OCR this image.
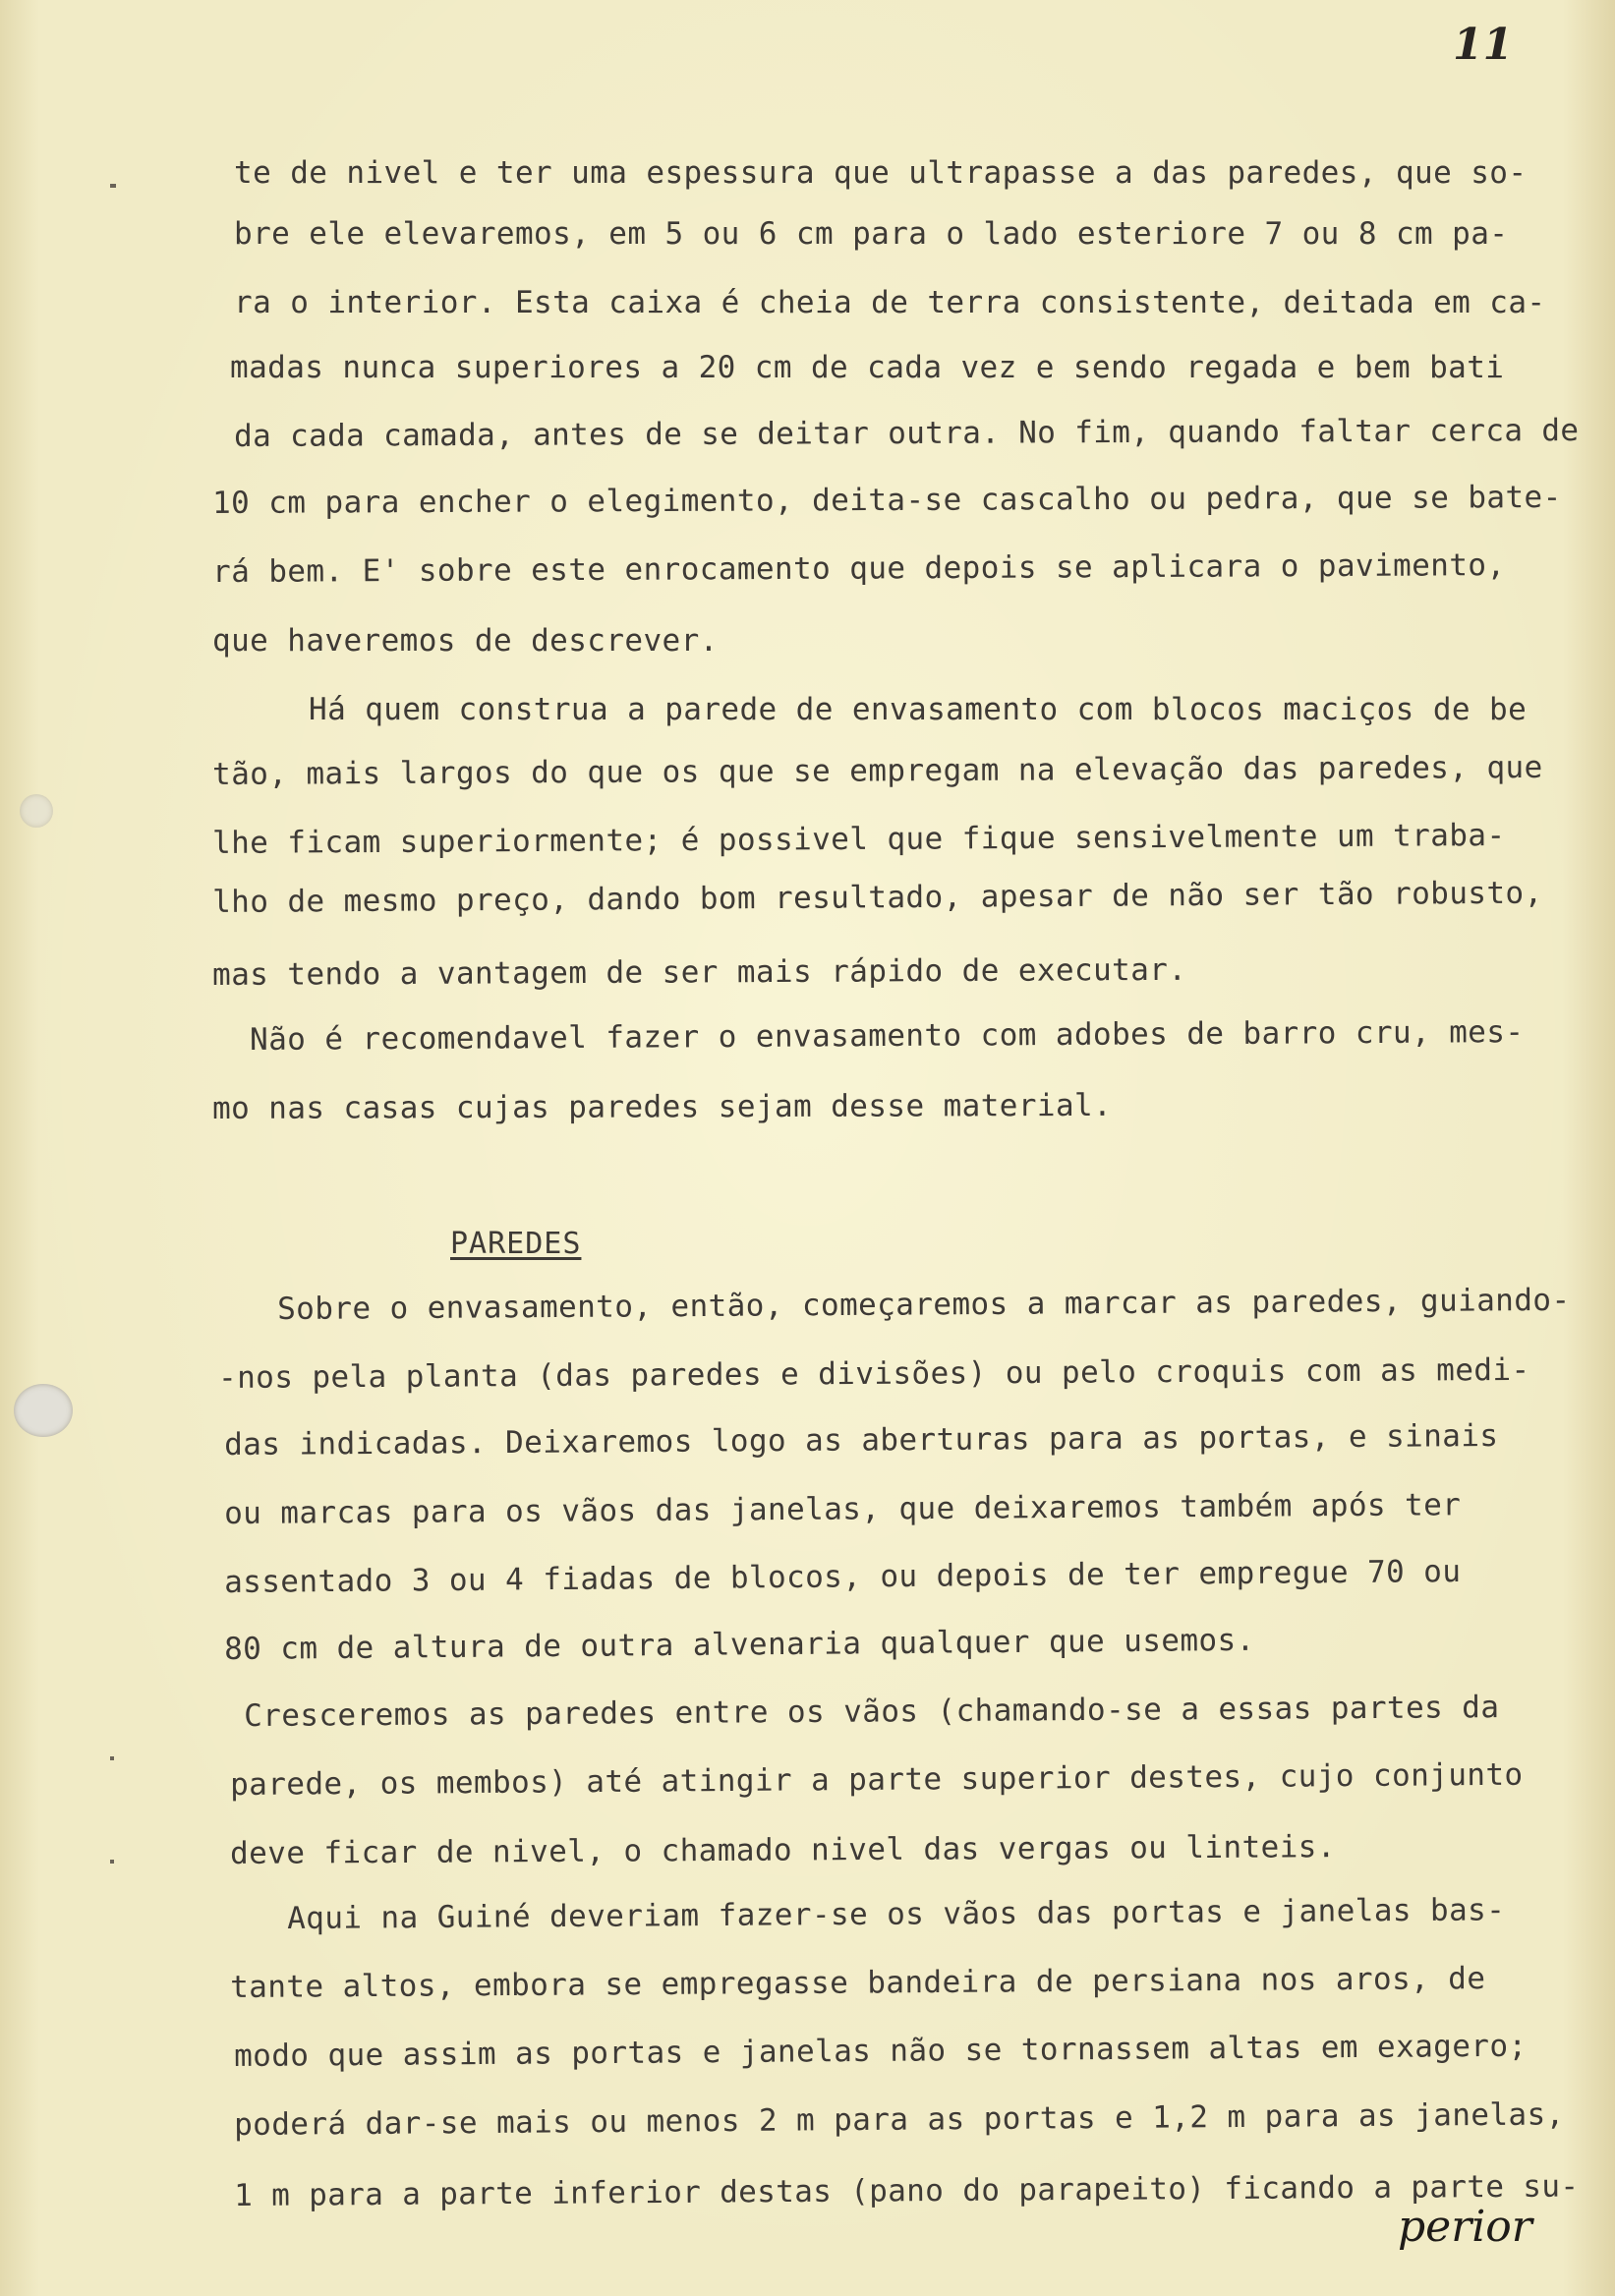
11
te de nivel e ter uma espessura que ultrapasse a das paredes, que so-
bre ele elevaremos, em 5 ou 6 cm para o lado esteriore 7 ou 8 cm pa-
ra o interior. Esta caixa é cheia de terra consistente, deitada em ca-
madas nunca superiores a 20 cm de cada vez e sendo regada e bem bati
da cada camada, antes de se deitar outra. No fim, quando faltar cerca de
10 cm para encher o elegimento, deita-se cascalho ou pedra, que se bate-
rá bem. E' sobre este enrocamento que depois se aplicara o pavimento,
que haveremos de descrever.
Há quem construa a parede de envasamento com blocos maciços de be
tão, mais largos do que os que se empregam na elevação das paredes, que
lhe ficam superiormente; é possivel que fique sensivelmente um traba-
lho de mesmo preço, dando bom resultado, apesar de não ser tão robusto,
mas tendo a vantagem de ser mais rápido de executar.
Não é recomendavel fazer o envasamento com adobes de barro cru, mes-
mo nas casas cujas paredes sejam desse material.
PAREDES
Sobre o envasamento, então, começaremos a marcar as paredes, guiando-
-nos pela planta (das paredes e divisões) ou pelo croquis com as medi-
das indicadas. Deixaremos logo as aberturas para as portas, e sinais
ou marcas para os vãos das janelas, que deixaremos também após ter
assentado 3 ou 4 fiadas de blocos, ou depois de ter empregue 70 ou
80 cm de altura de outra alvenaria qualquer que usemos.
Cresceremos as paredes entre os vãos (chamando-se a essas partes da
parede, os membos) até atingir a parte superior destes, cujo conjunto
deve ficar de nivel, o chamado nivel das vergas ou linteis.
Aqui na Guiné deveriam fazer-se os vãos das portas e janelas bas-
tante altos, embora se empregasse bandeira de persiana nos aros, de
modo que assim as portas e janelas não se tornassem altas em exagero;
poderá dar-se mais ou menos 2 m para as portas e 1,2 m para as janelas,
1 m para a parte inferior destas (pano do parapeito) ficando a parte su-
perior
